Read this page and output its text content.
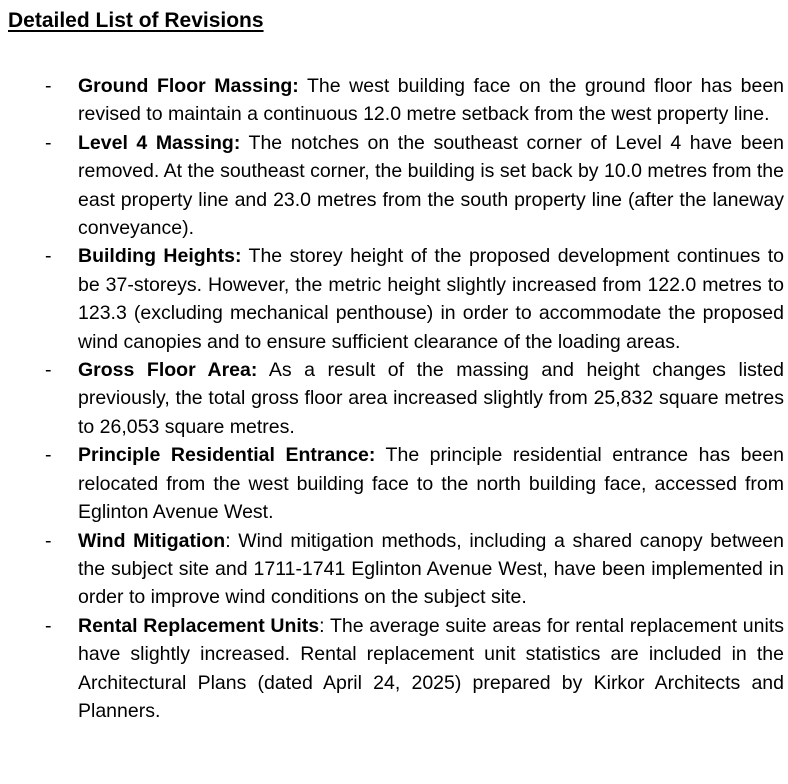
Detailed List of Revisions
- Ground Floor Massing: The west building face on the ground floor has been revised to maintain a continuous 12.0 metre setback from the west property line.

- Level 4 Massing: The notches on the southeast corner of Level 4 have been removed. At the southeast corner, the building is set back by 10.0 metres from the east property line and 23.0 metres from the south property line (after the laneway conveyance).

- Building Heights: The storey height of the proposed development continues to be 37-storeys. However, the metric height slightly increased from 122.0 metres to 123.3 (excluding mechanical penthouse) in order to accommodate the proposed wind canopies and to ensure sufficient clearance of the loading areas.

- Gross Floor Area: As a result of the massing and height changes listed previously, the total gross floor area increased slightly from 25,832 square metres to 26,053 square metres.

- Principle Residential Entrance: The principle residential entrance has been relocated from the west building face to the north building face, accessed from Eglinton Avenue West.

- Wind Mitigation: Wind mitigation methods, including a shared canopy between the subject site and 1711-1741 Eglinton Avenue West, have been implemented in order to improve wind conditions on the subject site.

- Rental Replacement Units: The average suite areas for rental replacement units have slightly increased. Rental replacement unit statistics are included in the Architectural Plans (dated April 24, 2025) prepared by Kirkor Architects and Planners.
